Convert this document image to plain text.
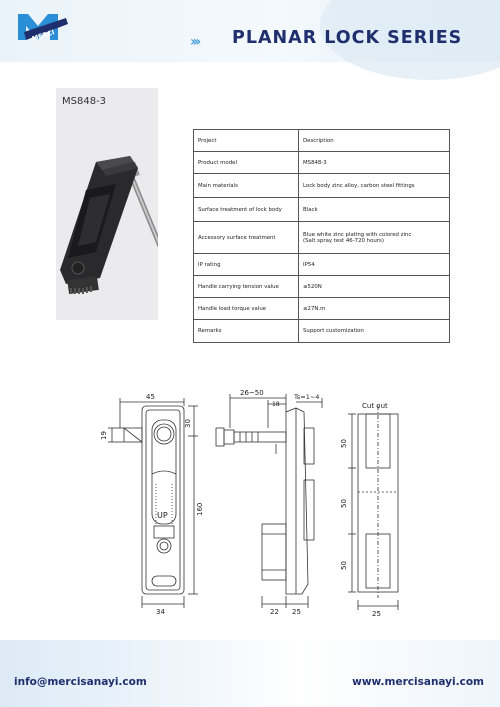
MERCI	››› PLANAR LOCK SERIES
MS848-3
Project	Description
Product model	MS848-3
Main materials	Lock body zinc alloy, carbon steel fittings
Surface treatment of lock body	Black
Accessory surface treatment	Blue white zinc plating with colored zinc
(Salt spray test 46-720 hours)

IP rating	IP54
Handle carrying tension value	≤520N
Handle load torque value	≤27N.m
Remarks	Support customization
45
30
19
160
34
UP
26~50
18
Ts=1~4
22 25
Cut out
50
50
50
25
info@mercisanayi.com	www.mercisanayi.com
